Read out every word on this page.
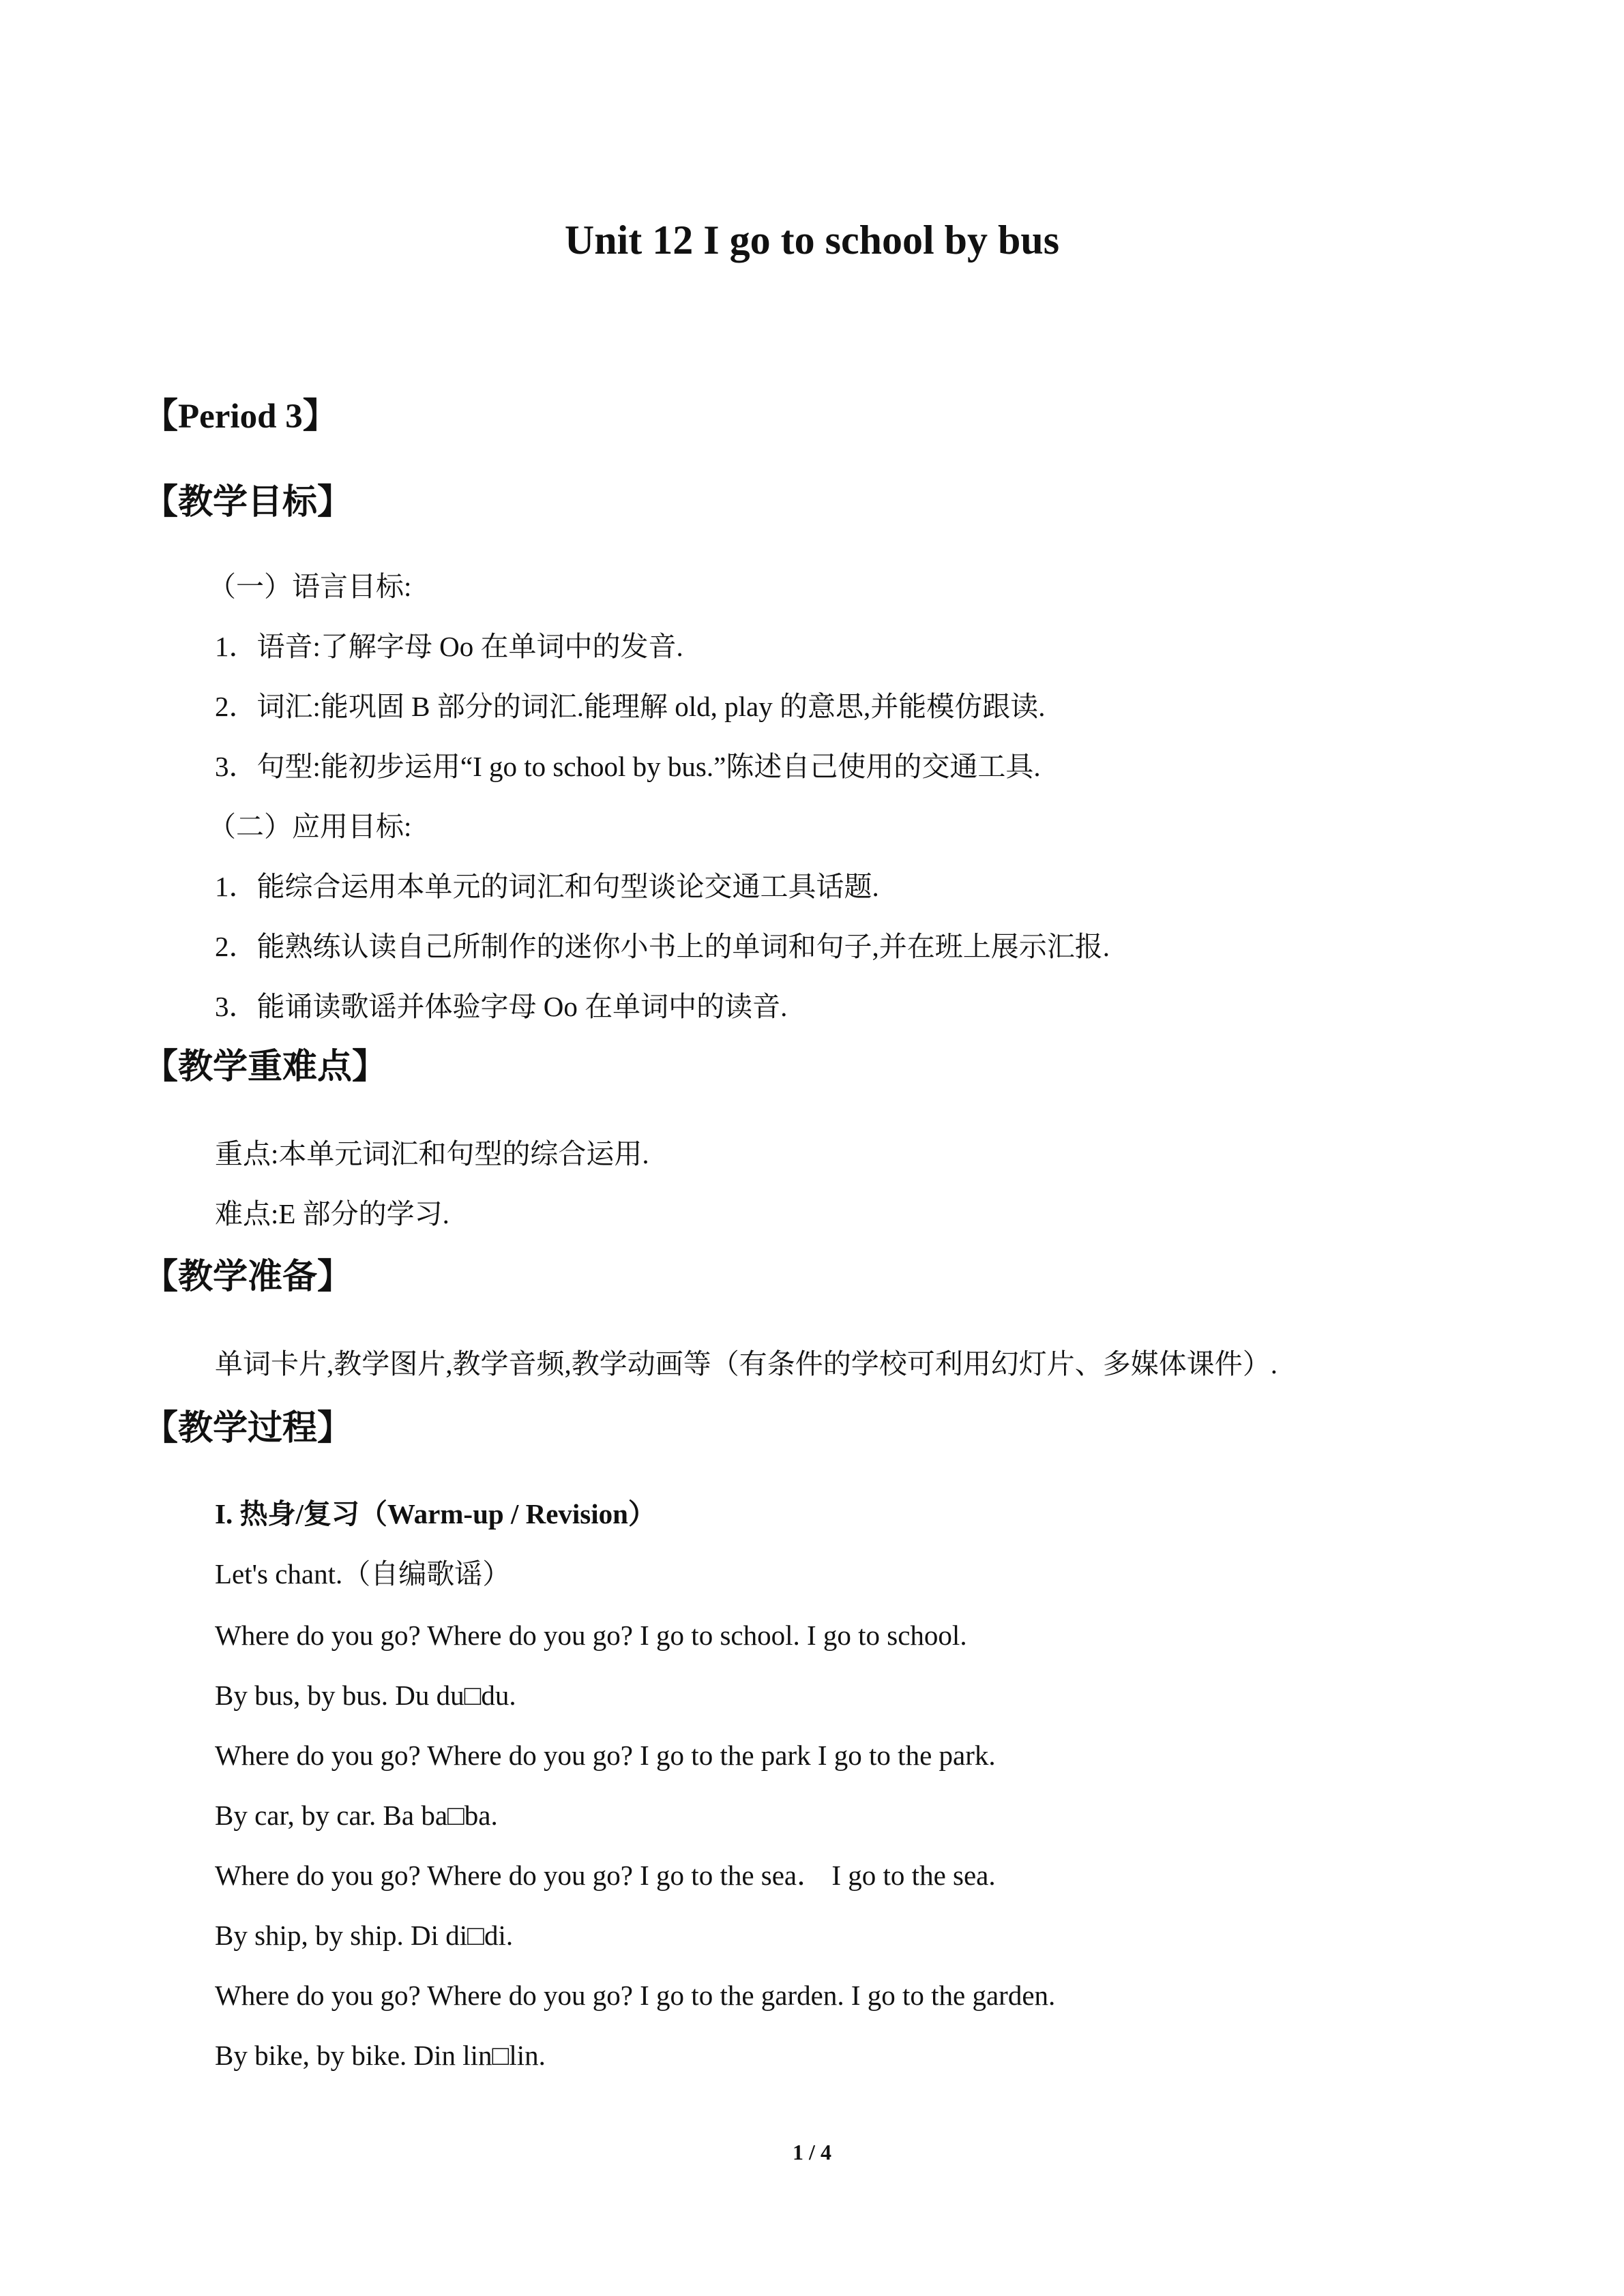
Unit 12 I go to school by bus
【Period 3】
【教学目标】
（一）语言目标:
1．语音:了解字母 Oo 在单词中的发音.
2．词汇:能巩固 B 部分的词汇.能理解 old, play 的意思,并能模仿跟读.
3．句型:能初步运用“I go to school by bus.”陈述自己使用的交通工具.
（二）应用目标:
1．能综合运用本单元的词汇和句型谈论交通工具话题.
2．能熟练认读自己所制作的迷你小书上的单词和句子,并在班上展示汇报.
3．能诵读歌谣并体验字母 Oo 在单词中的读音.
【教学重难点】
重点:本单元词汇和句型的综合运用.
难点:E 部分的学习.
【教学准备】
单词卡片,教学图片,教学音频,教学动画等（有条件的学校可利用幻灯片、多媒体课件）.
【教学过程】
I. 热身/复习（Warm-up / Revision）
Let's chant.（自编歌谣）
Where do you go? Where do you go? I go to school. I go to school.
By bus, by bus. Du du□du.
Where do you go? Where do you go? I go to the park I go to the park.
By car, by car. Ba ba□ba.
Where do you go? Where do you go? I go to the sea． I go to the sea.
By ship, by ship. Di di□di.
Where do you go? Where do you go? I go to the garden. I go to the garden.
By bike, by bike. Din lin□lin.
1 / 4
